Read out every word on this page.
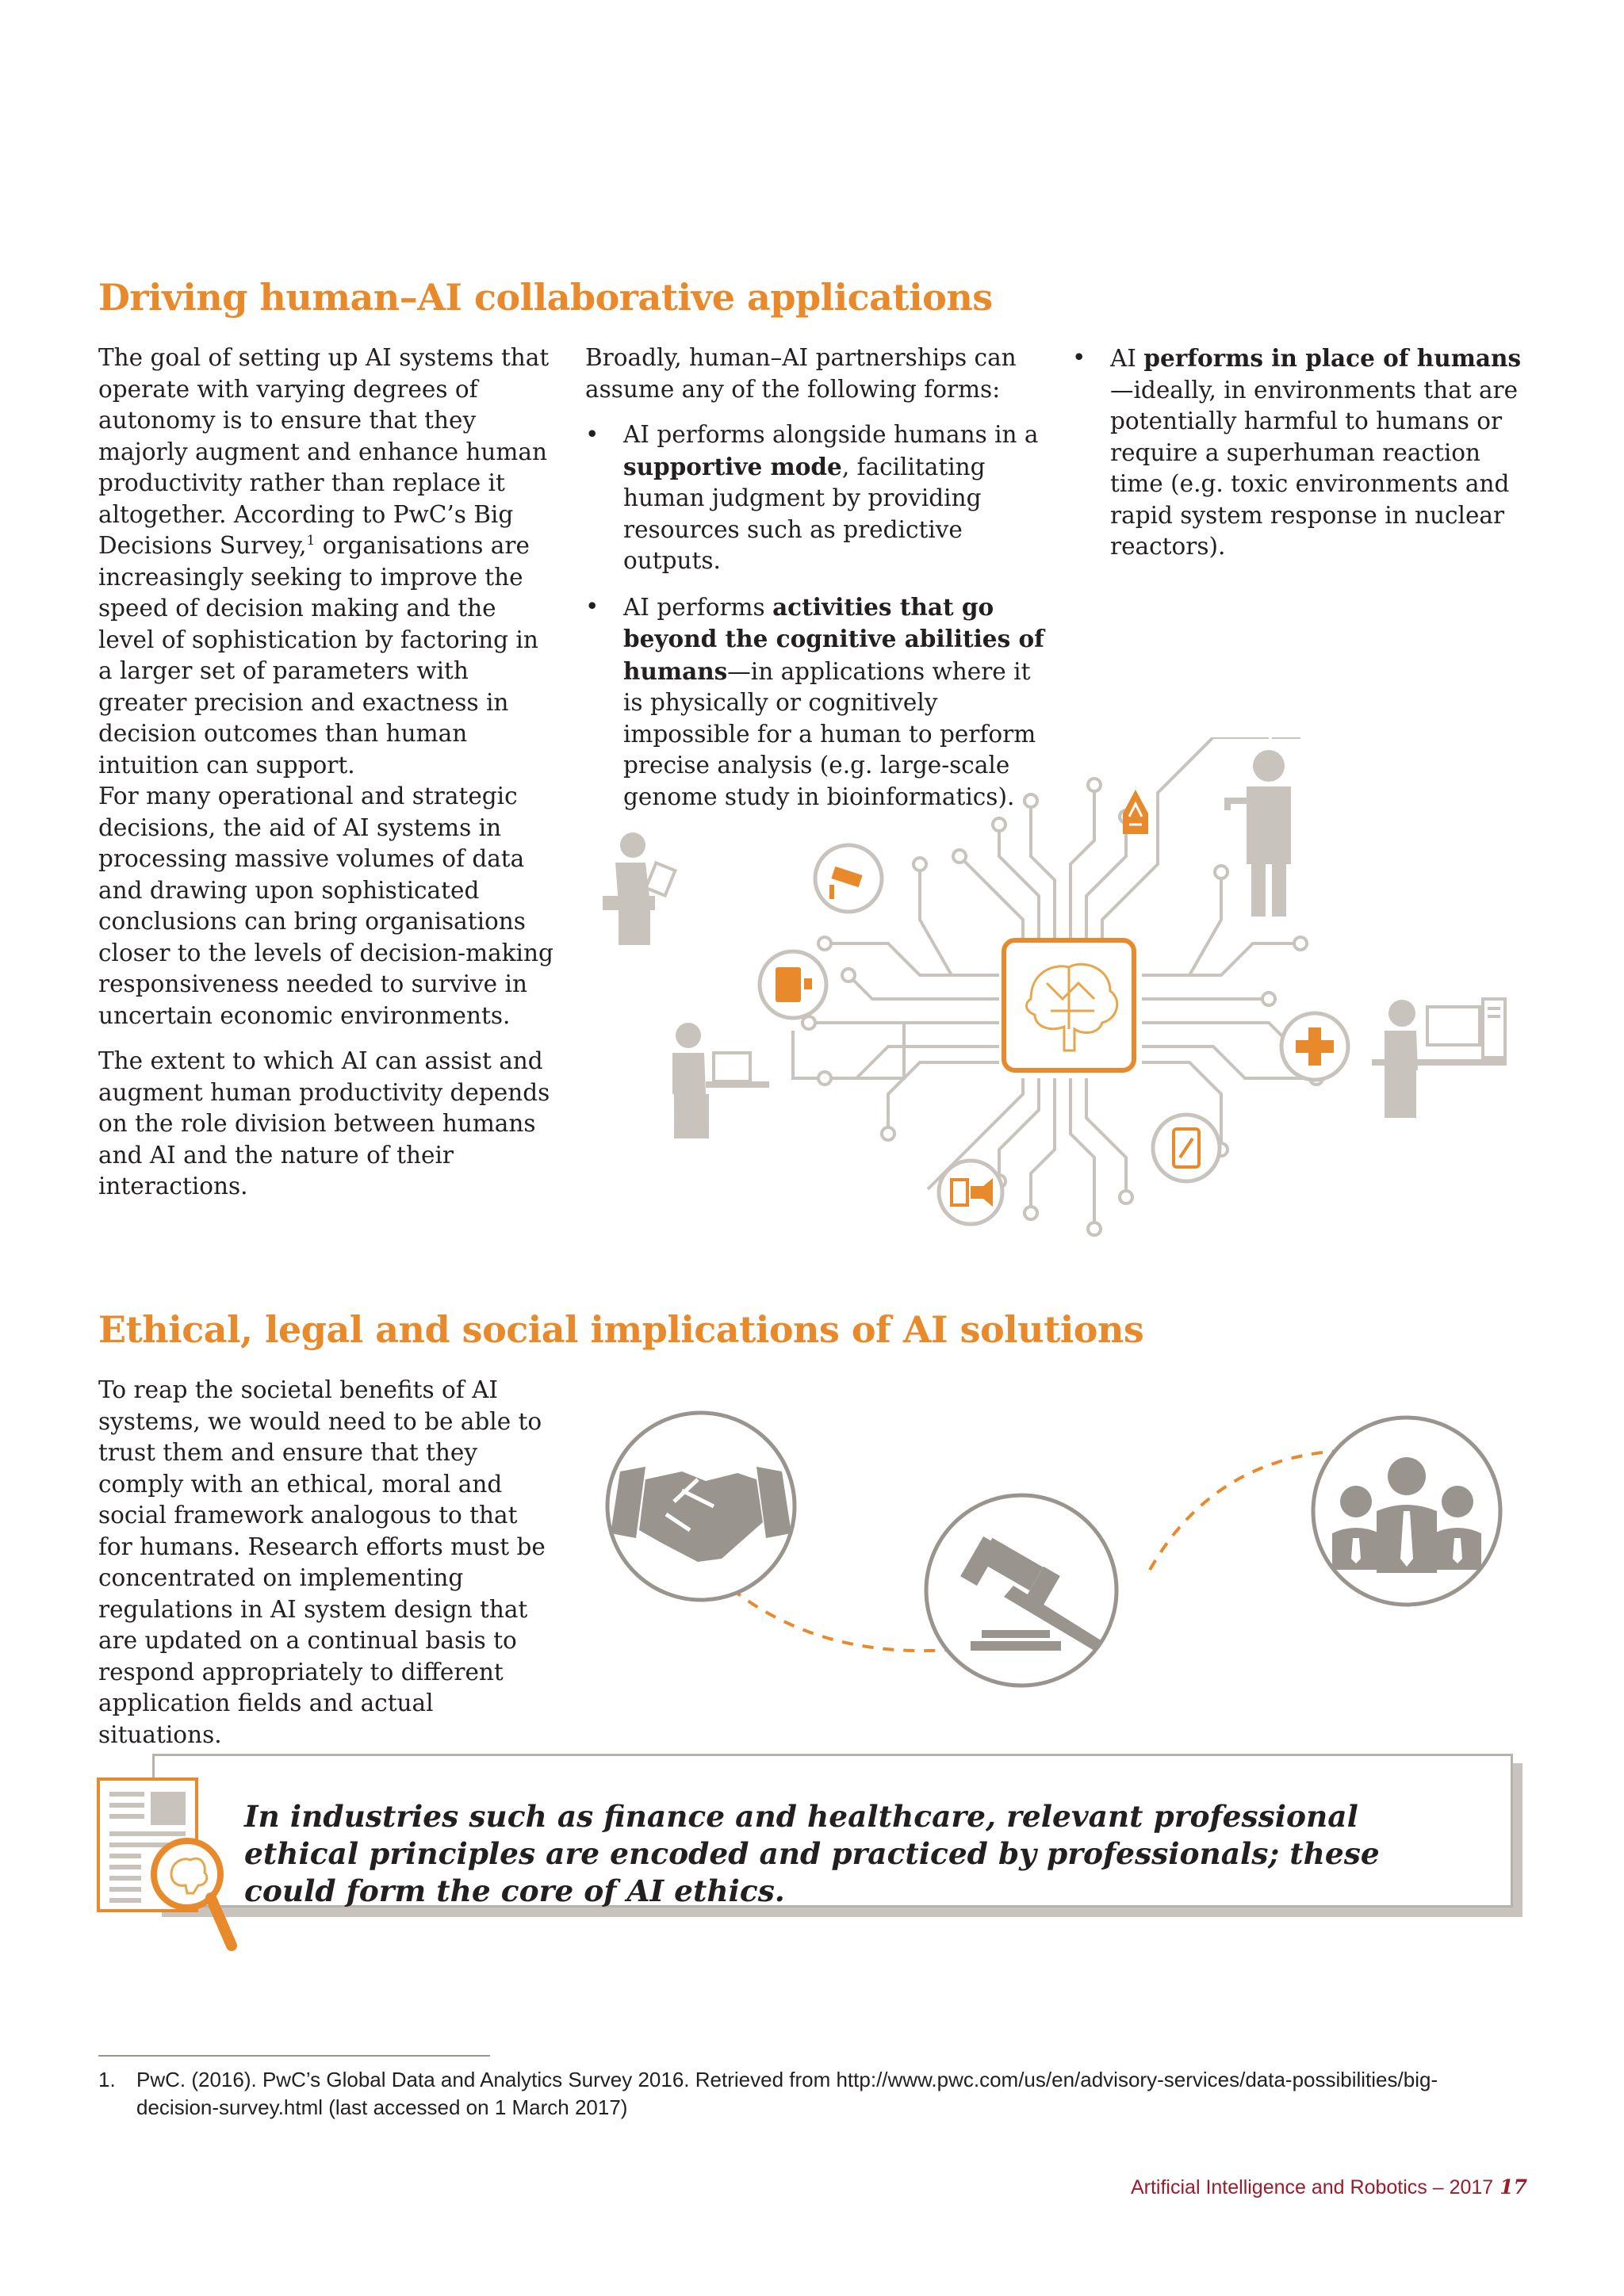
Driving human–AI collaborative applications

The goal of setting up AI systems that operate with varying degrees of autonomy is to ensure that they majorly augment and enhance human productivity rather than replace it altogether. According to PwC’s Big Decisions Survey,$^1$ organisations are increasingly seeking to improve the speed of decision making and the level of sophistication by factoring in a larger set of parameters with greater precision and exactness in decision outcomes than human intuition can support.

For many operational and strategic decisions, the aid of AI systems in processing massive volumes of data and drawing upon sophisticated conclusions can bring organisations closer to the levels of decision-making responsiveness needed to survive in uncertain economic environments.

The extent to which AI can assist and augment human productivity depends on the role division between humans and AI and the nature of their interactions.

Broadly, human–AI partnerships can assume any of the following forms:

• AI performs alongside humans in a supportive mode, facilitating human judgment by providing resources such as predictive outputs.
• AI performs activities that go beyond the cognitive abilities of humans—in applications where it is physically or cognitively impossible for a human to perform precise analysis (e.g. large-scale genome study in bioinformatics).
• AI performs in place of humans—ideally, in environments that are potentially harmful to humans or require a superhuman reaction time (e.g. toxic environments and rapid system response in nuclear reactors).
Ethical, legal and social implications of AI solutions

To reap the societal benefits of AI systems, we would need to be able to trust them and ensure that they comply with an ethical, moral and social framework analogous to that for humans. Research efforts must be concentrated on implementing regulations in AI system design that are updated on a continual basis to respond appropriately to different application fields and actual situations.

In industries such as finance and healthcare, relevant professional ethical principles are encoded and practiced by professionals; these could form the core of AI ethics.
1.	PwC. (2016). PwC’s Global Data and Analytics Survey 2016. Retrieved from http://www.pwc.com/us/en/advisory-services/data-possibilities/big-decision-survey.html (last accessed on 1 March 2017)
Artificial Intelligence and Robotics – 2017 17
